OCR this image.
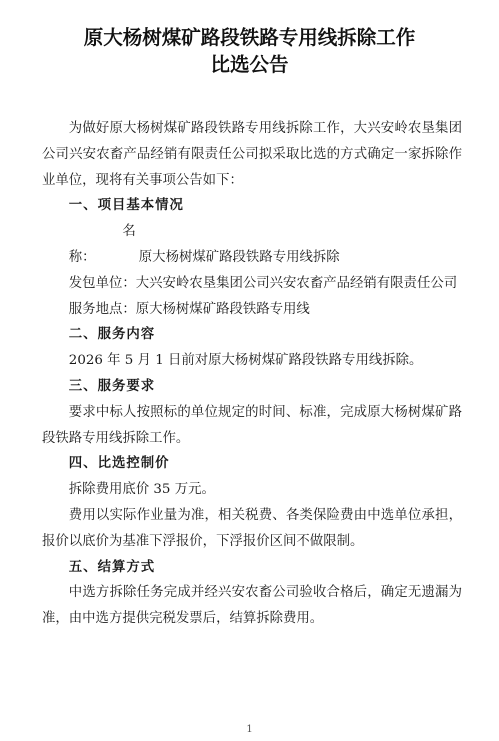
原大杨树煤矿路段铁路专用线拆除工作
比选公告

为做好原大杨树煤矿路段铁路专用线拆除工作，大兴安岭农垦集团公司兴安农畜产品经销有限责任公司拟采取比选的方式确定一家拆除作业单位，现将有关事项公告如下：

一、项目基本情况

名称：	原大杨树煤矿路段铁路专用线拆除

发包单位：大兴安岭农垦集团公司兴安农畜产品经销有限责任公司

服务地点：原大杨树煤矿路段铁路专用线

二、服务内容

2026 年 5 月 1 日前对原大杨树煤矿路段铁路专用线拆除。

三、服务要求

要求中标人按照标的单位规定的时间、标准，完成原大杨树煤矿路段铁路专用线拆除工作。

四、比选控制价

拆除费用底价 35 万元。

费用以实际作业量为准，相关税费、各类保险费由中选单位承担，报价以底价为基准下浮报价，下浮报价区间不做限制。

五、结算方式

中选方拆除任务完成并经兴安农畜公司验收合格后，确定无遗漏为准，由中选方提供完税发票后，结算拆除费用。

1
